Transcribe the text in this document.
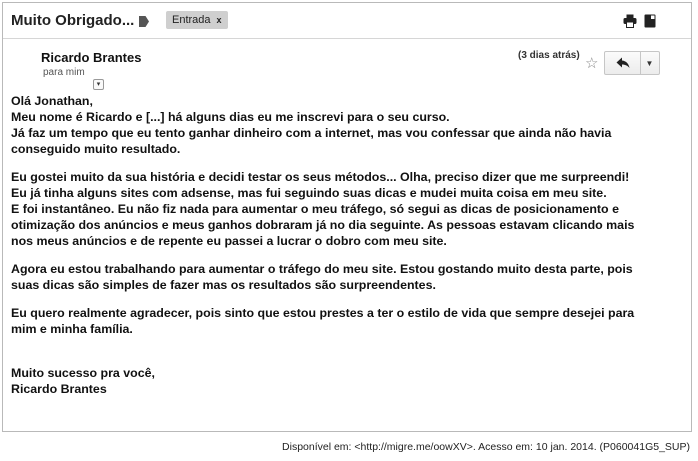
Muito Obrigado...	Entrada x
Ricardo Brantes
para mim
▾
(3 dias atrás) ☆	▼

Olá Jonathan,

Meu nome é Ricardo e [...] há alguns dias eu me inscrevi para o seu curso.

Já faz um tempo que eu tento ganhar dinheiro com a internet, mas vou confessar que ainda não havia

conseguido muito resultado.

Eu gostei muito da sua história e decidi testar os seus métodos... Olha, preciso dizer que me surpreendi!

Eu já tinha alguns sites com adsense, mas fui seguindo suas dicas e mudei muita coisa em meu site.

E foi instantâneo. Eu não fiz nada para aumentar o meu tráfego, só segui as dicas de posicionamento e

otimização dos anúncios e meus ganhos dobraram já no dia seguinte. As pessoas estavam clicando mais

nos meus anúncios e de repente eu passei a lucrar o dobro com meu site.

Agora eu estou trabalhando para aumentar o tráfego do meu site. Estou gostando muito desta parte, pois

suas dicas são simples de fazer mas os resultados são surpreendentes.

Eu quero realmente agradecer, pois sinto que estou prestes a ter o estilo de vida que sempre desejei para

mim e minha família.

Muito sucesso pra você,

Ricardo Brantes

Disponível em: <http://migre.me/oowXV>. Acesso em: 10 jan. 2014. (P060041G5_SUP)
